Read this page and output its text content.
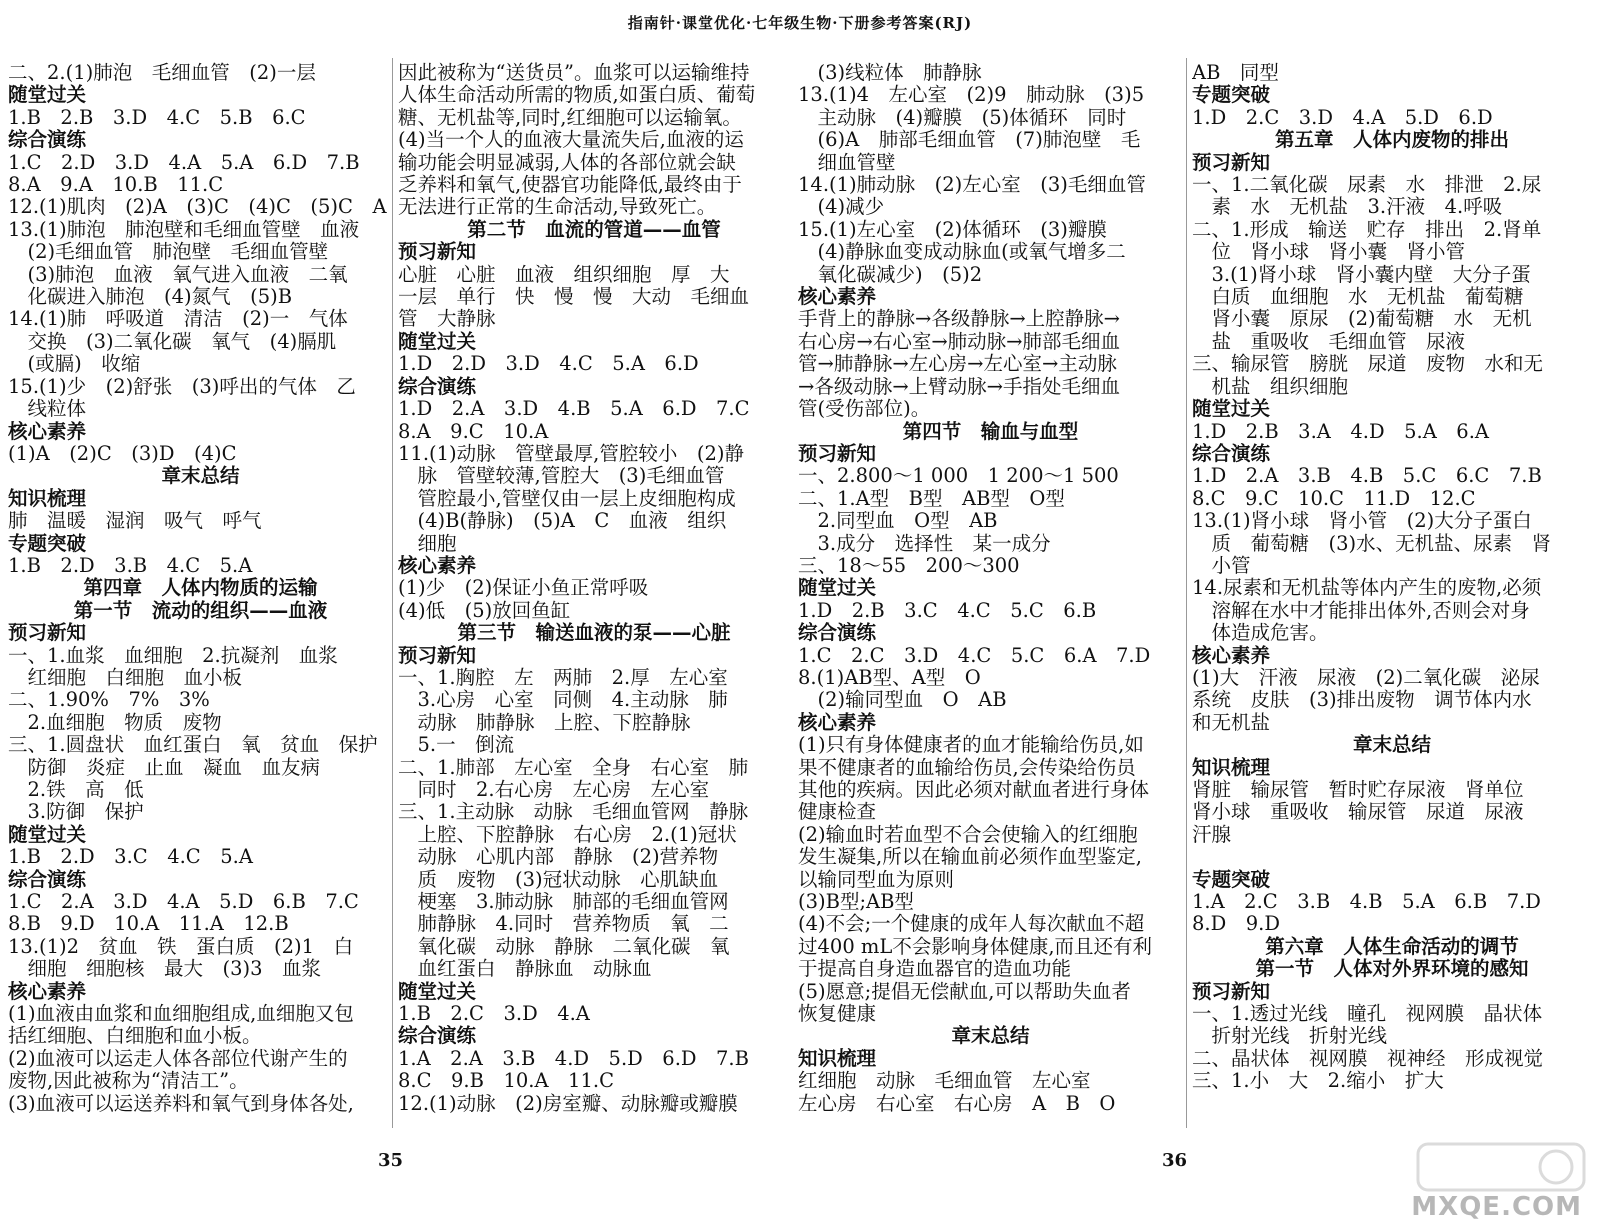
指南针·课堂优化·七年级生物·下册参考答案(RJ)
二、2.(1)肺泡　毛细血管　(2)一层
随堂过关
1.B　2.B　3.D　4.C　5.B　6.C
综合演练
1.C　2.D　3.D　4.A　5.A　6.D　7.B
8.A　9.A　10.B　11.C
12.(1)肌肉　(2)A　(3)C　(4)C　(5)C　A
13.(1)肺泡　肺泡壁和毛细血管壁　血液
　(2)毛细血管　肺泡壁　毛细血管壁
　(3)肺泡　血液　氧气进入血液　二氧
　化碳进入肺泡　(4)氮气　(5)B
14.(1)肺　呼吸道　清洁　(2)一　气体
　交换　(3)二氧化碳　氧气　(4)膈肌
　(或膈)　收缩
15.(1)少　(2)舒张　(3)呼出的气体　乙
　线粒体
核心素养
(1)A　(2)C　(3)D　(4)C
章末总结
知识梳理
肺　温暖　湿润　吸气　呼气
专题突破
1.B　2.D　3.B　4.C　5.A
第四章　人体内物质的运输
第一节　流动的组织——血液
预习新知
一、1.血浆　血细胞　2.抗凝剂　血浆
　红细胞　白细胞　血小板
二、1.90%　7%　3%
　2.血细胞　物质　废物
三、1.圆盘状　血红蛋白　氧　贫血　保护
　防御　炎症　止血　凝血　血友病
　2.铁　高　低
　3.防御　保护
随堂过关
1.B　2.D　3.C　4.C　5.A
综合演练
1.C　2.A　3.D　4.A　5.D　6.B　7.C
8.B　9.D　10.A　11.A　12.B
13.(1)2　贫血　铁　蛋白质　(2)1　白
　细胞　细胞核　最大　(3)3　血浆
核心素养
(1)血液由血浆和血细胞组成,血细胞又包
括红细胞、白细胞和血小板。
(2)血液可以运走人体各部位代谢产生的
废物,因此被称为“清洁工”。
(3)血液可以运送养料和氧气到身体各处,
因此被称为“送货员”。血浆可以运输维持
人体生命活动所需的物质,如蛋白质、葡萄
糖、无机盐等,同时,红细胞可以运输氧。
(4)当一个人的血液大量流失后,血液的运
输功能会明显减弱,人体的各部位就会缺
乏养料和氧气,使器官功能降低,最终由于
无法进行正常的生命活动,导致死亡。
第二节　血流的管道——血管
预习新知
心脏　心脏　血液　组织细胞　厚　大
一层　单行　快　慢　慢　大动　毛细血
管　大静脉
随堂过关
1.D　2.D　3.D　4.C　5.A　6.D
综合演练
1.D　2.A　3.D　4.B　5.A　6.D　7.C
8.A　9.C　10.A
11.(1)动脉　管壁最厚,管腔较小　(2)静
　脉　管壁较薄,管腔大　(3)毛细血管
　管腔最小,管壁仅由一层上皮细胞构成
　(4)B(静脉)　(5)A　C　血液　组织
　细胞
核心素养
(1)少　(2)保证小鱼正常呼吸
(4)低　(5)放回鱼缸
第三节　输送血液的泵——心脏
预习新知
一、1.胸腔　左　两肺　2.厚　左心室
　3.心房　心室　同侧　4.主动脉　肺
　动脉　肺静脉　上腔、下腔静脉
　5.一　倒流
二、1.肺部　左心室　全身　右心室　肺
　同时　2.右心房　左心房　左心室
三、1.主动脉　动脉　毛细血管网　静脉
　上腔、下腔静脉　右心房　2.(1)冠状
　动脉　心肌内部　静脉　(2)营养物
　质　废物　(3)冠状动脉　心肌缺血
　梗塞　3.肺动脉　肺部的毛细血管网
　肺静脉　4.同时　营养物质　氧　二
　氧化碳　动脉　静脉　二氧化碳　氧
　血红蛋白　静脉血　动脉血
随堂过关
1.B　2.C　3.D　4.A
综合演练
1.A　2.A　3.B　4.D　5.D　6.D　7.B
8.C　9.B　10.A　11.C
12.(1)动脉　(2)房室瓣、动脉瓣或瓣膜
　(3)线粒体　肺静脉
13.(1)4　左心室　(2)9　肺动脉　(3)5
　主动脉　(4)瓣膜　(5)体循环　同时
　(6)A　肺部毛细血管　(7)肺泡壁　毛
　细血管壁
14.(1)肺动脉　(2)左心室　(3)毛细血管
　(4)减少
15.(1)左心室　(2)体循环　(3)瓣膜
　(4)静脉血变成动脉血(或氧气增多二
　氧化碳减少)　(5)2
核心素养
手背上的静脉→各级静脉→上腔静脉→
右心房→右心室→肺动脉→肺部毛细血
管→肺静脉→左心房→左心室→主动脉
→各级动脉→上臂动脉→手指处毛细血
管(受伤部位)。
第四节　输血与血型
预习新知
一、2.800～1 000　1 200～1 500
二、1.A型　B型　AB型　O型
　2.同型血　O型　AB
　3.成分　选择性　某一成分
三、18～55　200～300
随堂过关
1.D　2.B　3.C　4.C　5.C　6.B
综合演练
1.C　2.C　3.D　4.C　5.C　6.A　7.D
8.(1)AB型、A型　O
　(2)输同型血　O　AB
核心素养
(1)只有身体健康者的血才能输给伤员,如
果不健康者的血输给伤员,会传染给伤员
其他的疾病。因此必须对献血者进行身体
健康检查
(2)输血时若血型不合会使输入的红细胞
发生凝集,所以在输血前必须作血型鉴定,
以输同型血为原则
(3)B型;AB型
(4)不会;一个健康的成年人每次献血不超
过400 mL不会影响身体健康,而且还有利
于提高自身造血器官的造血功能
(5)愿意;提倡无偿献血,可以帮助失血者
恢复健康
章末总结
知识梳理
红细胞　动脉　毛细血管　左心室
左心房　右心室　右心房　A　B　O
AB　同型
专题突破
1.D　2.C　3.D　4.A　5.D　6.D
第五章　人体内废物的排出
预习新知
一、1.二氧化碳　尿素　水　排泄　2.尿
　素　水　无机盐　3.汗液　4.呼吸
二、1.形成　输送　贮存　排出　2.肾单
　位　肾小球　肾小囊　肾小管
　3.(1)肾小球　肾小囊内壁　大分子蛋
　白质　血细胞　水　无机盐　葡萄糖
　肾小囊　原尿　(2)葡萄糖　水　无机
　盐　重吸收　毛细血管　尿液
三、输尿管　膀胱　尿道　废物　水和无
　机盐　组织细胞
随堂过关
1.D　2.B　3.A　4.D　5.A　6.A
综合演练
1.D　2.A　3.B　4.B　5.C　6.C　7.B
8.C　9.C　10.C　11.D　12.C
13.(1)肾小球　肾小管　(2)大分子蛋白
　质　葡萄糖　(3)水、无机盐、尿素　肾
　小管
14.尿素和无机盐等体内产生的废物,必须
　溶解在水中才能排出体外,否则会对身
　体造成危害。
核心素养
(1)大　汗液　尿液　(2)二氧化碳　泌尿
系统　皮肤　(3)排出废物　调节体内水
和无机盐
章末总结
知识梳理
肾脏　输尿管　暂时贮存尿液　肾单位
肾小球　重吸收　输尿管　尿道　尿液
汗腺

专题突破
1.A　2.C　3.B　4.B　5.A　6.B　7.D
8.D　9.D
第六章　人体生命活动的调节
第一节　人体对外界环境的感知
预习新知
一、1.透过光线　瞳孔　视网膜　晶状体
　折射光线　折射光线
二、晶状体　视网膜　视神经　形成视觉
三、1.小　大　2.缩小　扩大
35	36
MXQE.COM
